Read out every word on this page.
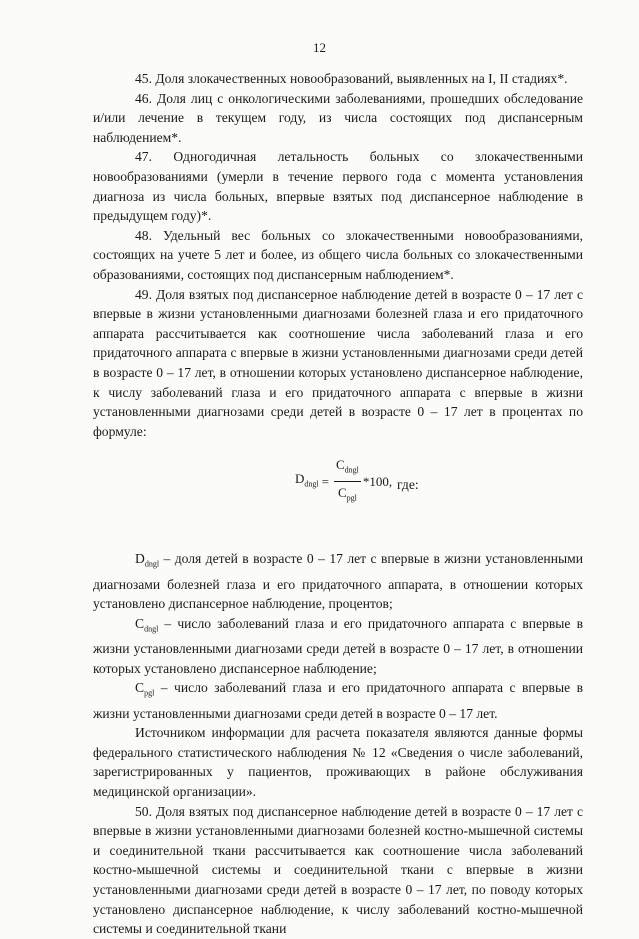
12

45. Доля злокачественных новообразований, выявленных на I, II стадиях*.

46. Доля лиц с онкологическими заболеваниями, прошедших обследование и/или лечение в текущем году, из числа состоящих под диспансерным наблюдением*.

47. Одногодичная летальность больных со злокачественными новообразованиями (умерли в течение первого года с момента установления диагноза из числа больных, впервые взятых под диспансерное наблюдение в предыдущем году)*.

48. Удельный вес больных со злокачественными новообразованиями, состоящих на учете 5 лет и более, из общего числа больных со злокачественными образованиями, состоящих под диспансерным наблюдением*.

49. Доля взятых под диспансерное наблюдение детей в возрасте 0 – 17 лет с впервые в жизни установленными диагнозами болезней глаза и его придаточного аппарата рассчитывается как соотношение числа заболеваний глаза и его придаточного аппарата с впервые в жизни установленными диагнозами среди детей в возрасте 0 – 17 лет, в отношении которых установлено диспансерное наблюдение, к числу заболеваний глаза и его придаточного аппарата с впервые в жизни установленными диагнозами среди детей в возрасте 0 – 17 лет в процентах по формуле:

$D_{dngl} = \frac{C_{dngl}}{C_{pgl}} *100$, где:

$D_{dngl}$ – доля детей в возрасте 0 – 17 лет с впервые в жизни установленными диагнозами болезней глаза и его придаточного аппарата, в отношении которых установлено диспансерное наблюдение, процентов;

$C_{dngl}$ – число заболеваний глаза и его придаточного аппарата с впервые в жизни установленными диагнозами среди детей в возрасте 0 – 17 лет, в отношении которых установлено диспансерное наблюдение;

$C_{pgl}$ – число заболеваний глаза и его придаточного аппарата с впервые в жизни установленными диагнозами среди детей в возрасте 0 – 17 лет.

Источником информации для расчета показателя являются данные формы федерального статистического наблюдения № 12 «Сведения о числе заболеваний, зарегистрированных у пациентов, проживающих в районе обслуживания медицинской организации».

50. Доля взятых под диспансерное наблюдение детей в возрасте 0 – 17 лет с впервые в жизни установленными диагнозами болезней костно-мышечной системы и соединительной ткани рассчитывается как соотношение числа заболеваний костно-мышечной системы и соединительной ткани с впервые в жизни установленными диагнозами среди детей в возрасте 0 – 17 лет, по поводу которых установлено диспансерное наблюдение, к числу заболеваний костно-мышечной системы и соединительной ткани
